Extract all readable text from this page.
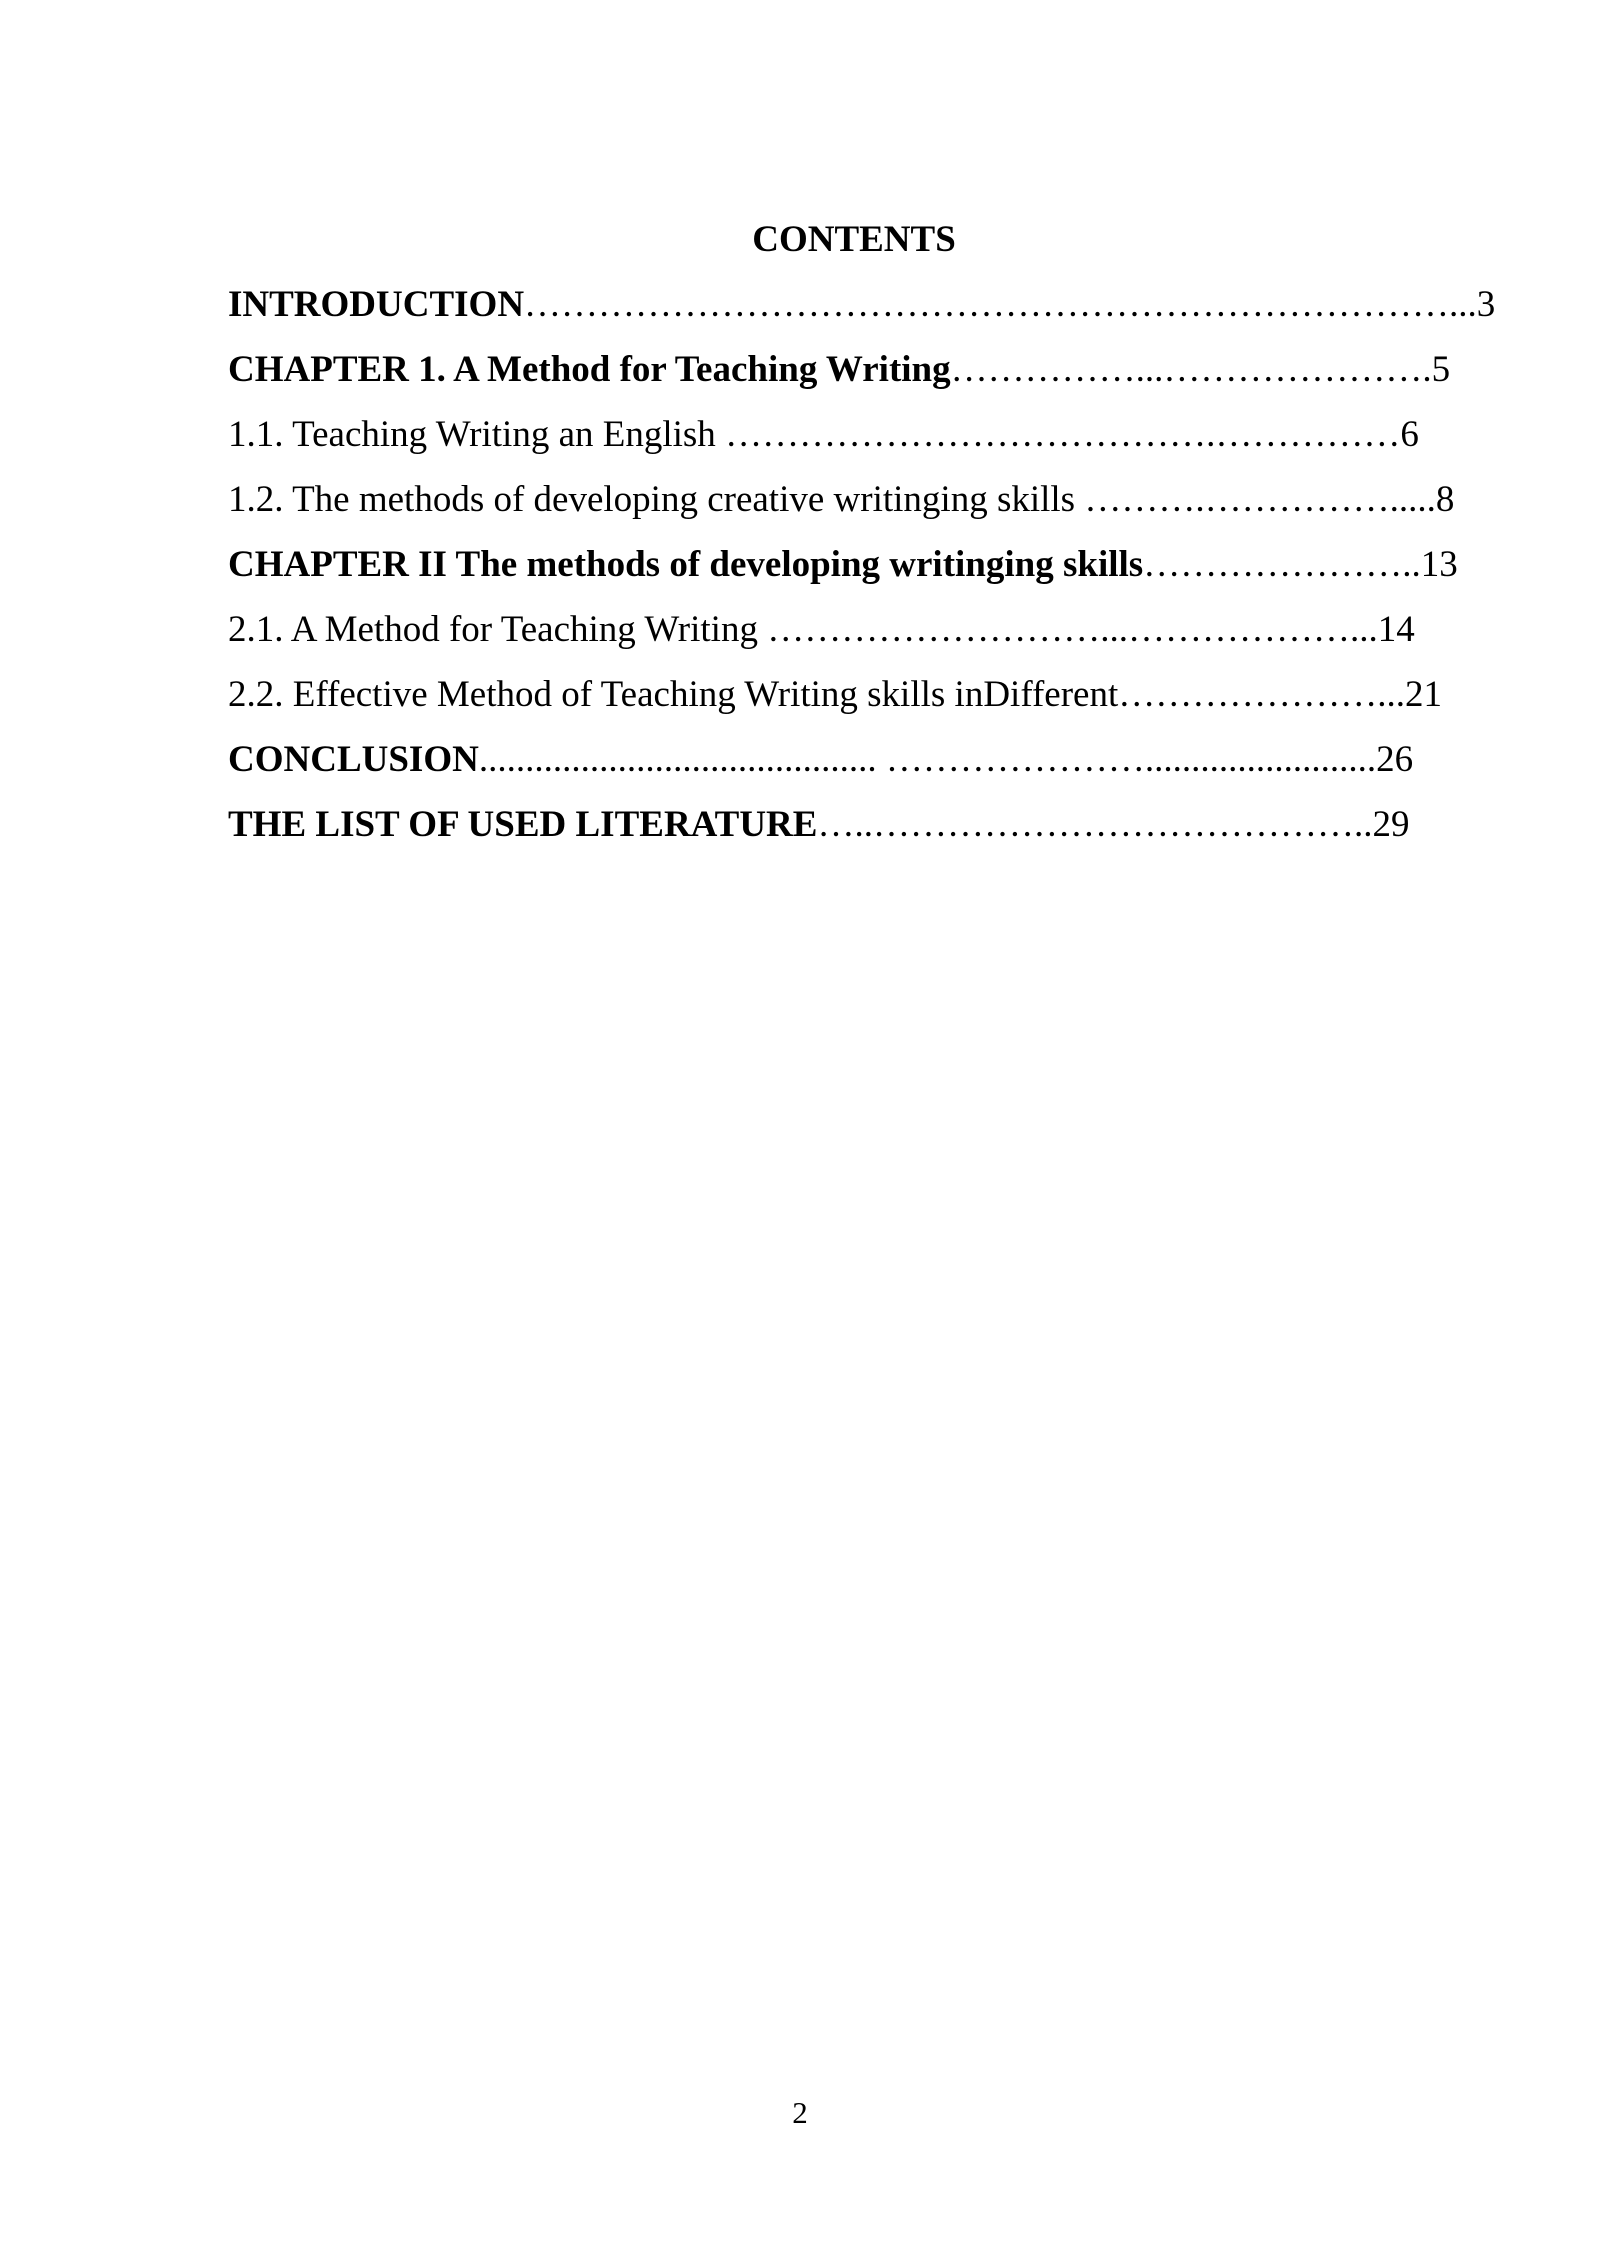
CONTENTS
INTRODUCTION…………………………………………………………………...3
CHAPTER 1. A Method for Teaching Writing……………...………………….5
1.1. Teaching Writing an English ………………………………….……………6
1.2. The methods of developing creative writinging skills ……….…………….....8
CHAPTER II The methods of developing writinging skills…………………..13
2.1. A Method for Teaching Writing ………………………...………………...14
2.2. Effective Method of Teaching Writing skills inDifferent…………………...21
CONCLUSION........................................... ………………….........................26
THE LIST OF USED LITERATURE…..…………………………………..29
2
